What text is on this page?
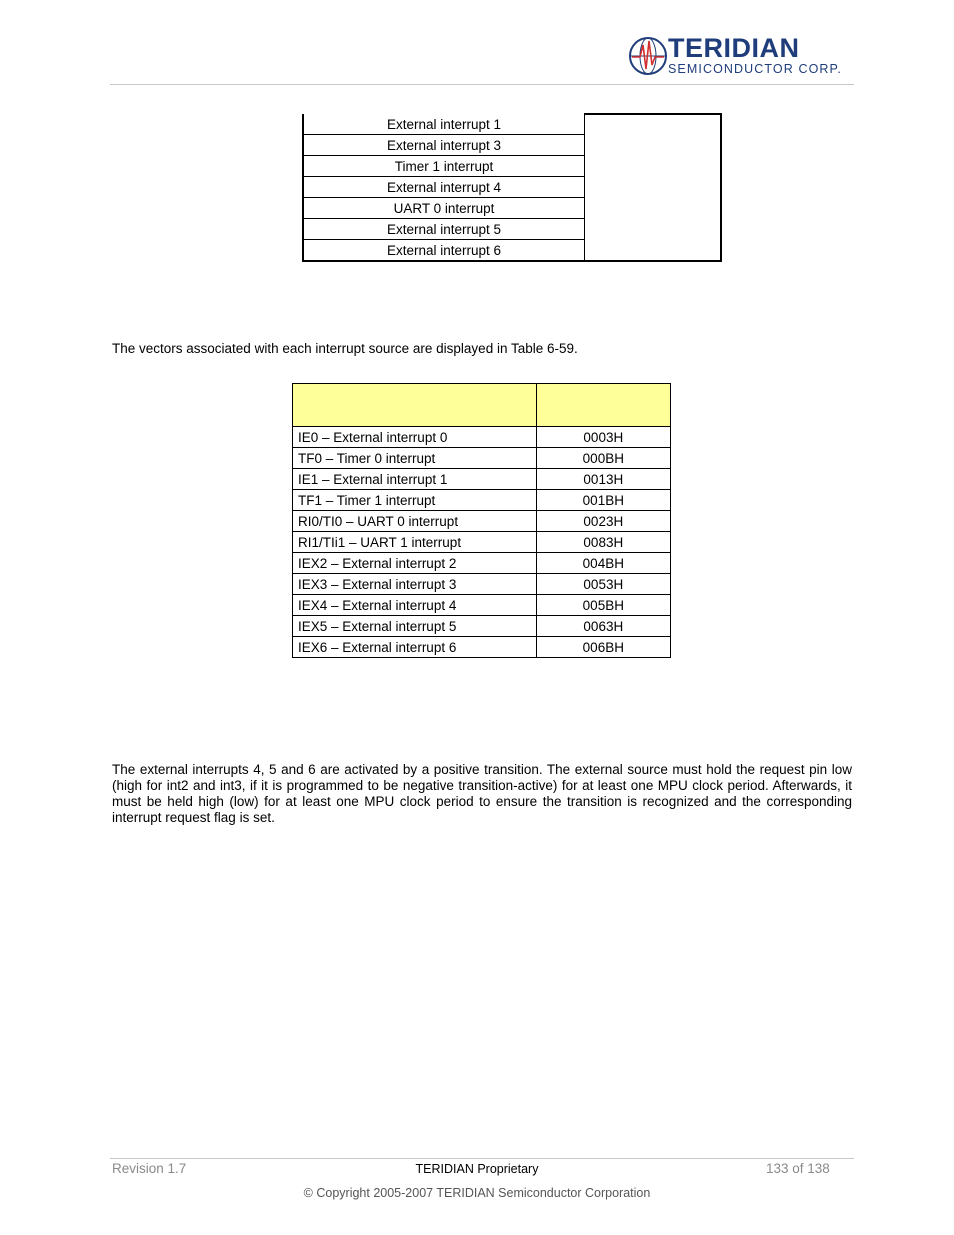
TERIDIAN
SEMICONDUCTOR CORP.
External interrupt 1	
External interrupt 3
Timer 1 interrupt
External interrupt 4
UART 0 interrupt
External interrupt 5
External interrupt 6
The vectors associated with each interrupt source are displayed in Table 6-59.

IE0 – External interrupt 0	0003H
TF0 – Timer 0 interrupt	000BH
IE1 – External interrupt 1	0013H
TF1 – Timer 1 interrupt	001BH
RI0/TI0 – UART 0 interrupt	0023H
RI1/TIi1 – UART 1 interrupt	0083H
IEX2 – External interrupt 2	004BH
IEX3 – External interrupt 3	0053H
IEX4 – External interrupt 4	005BH
IEX5 – External interrupt 5	0063H
IEX6 – External interrupt 6	006BH
The external interrupts 4, 5 and 6 are activated by a positive transition. The external source must hold the request pin low (high for int2 and int3, if it is programmed to be negative transition-active) for at least one MPU clock period. Afterwards, it must be held high (low) for at least one MPU clock period to ensure the transition is recognized and the corresponding interrupt request flag is set.
Revision 1.7	TERIDIAN Proprietary	133 of 138
© Copyright 2005-2007 TERIDIAN Semiconductor Corporation
